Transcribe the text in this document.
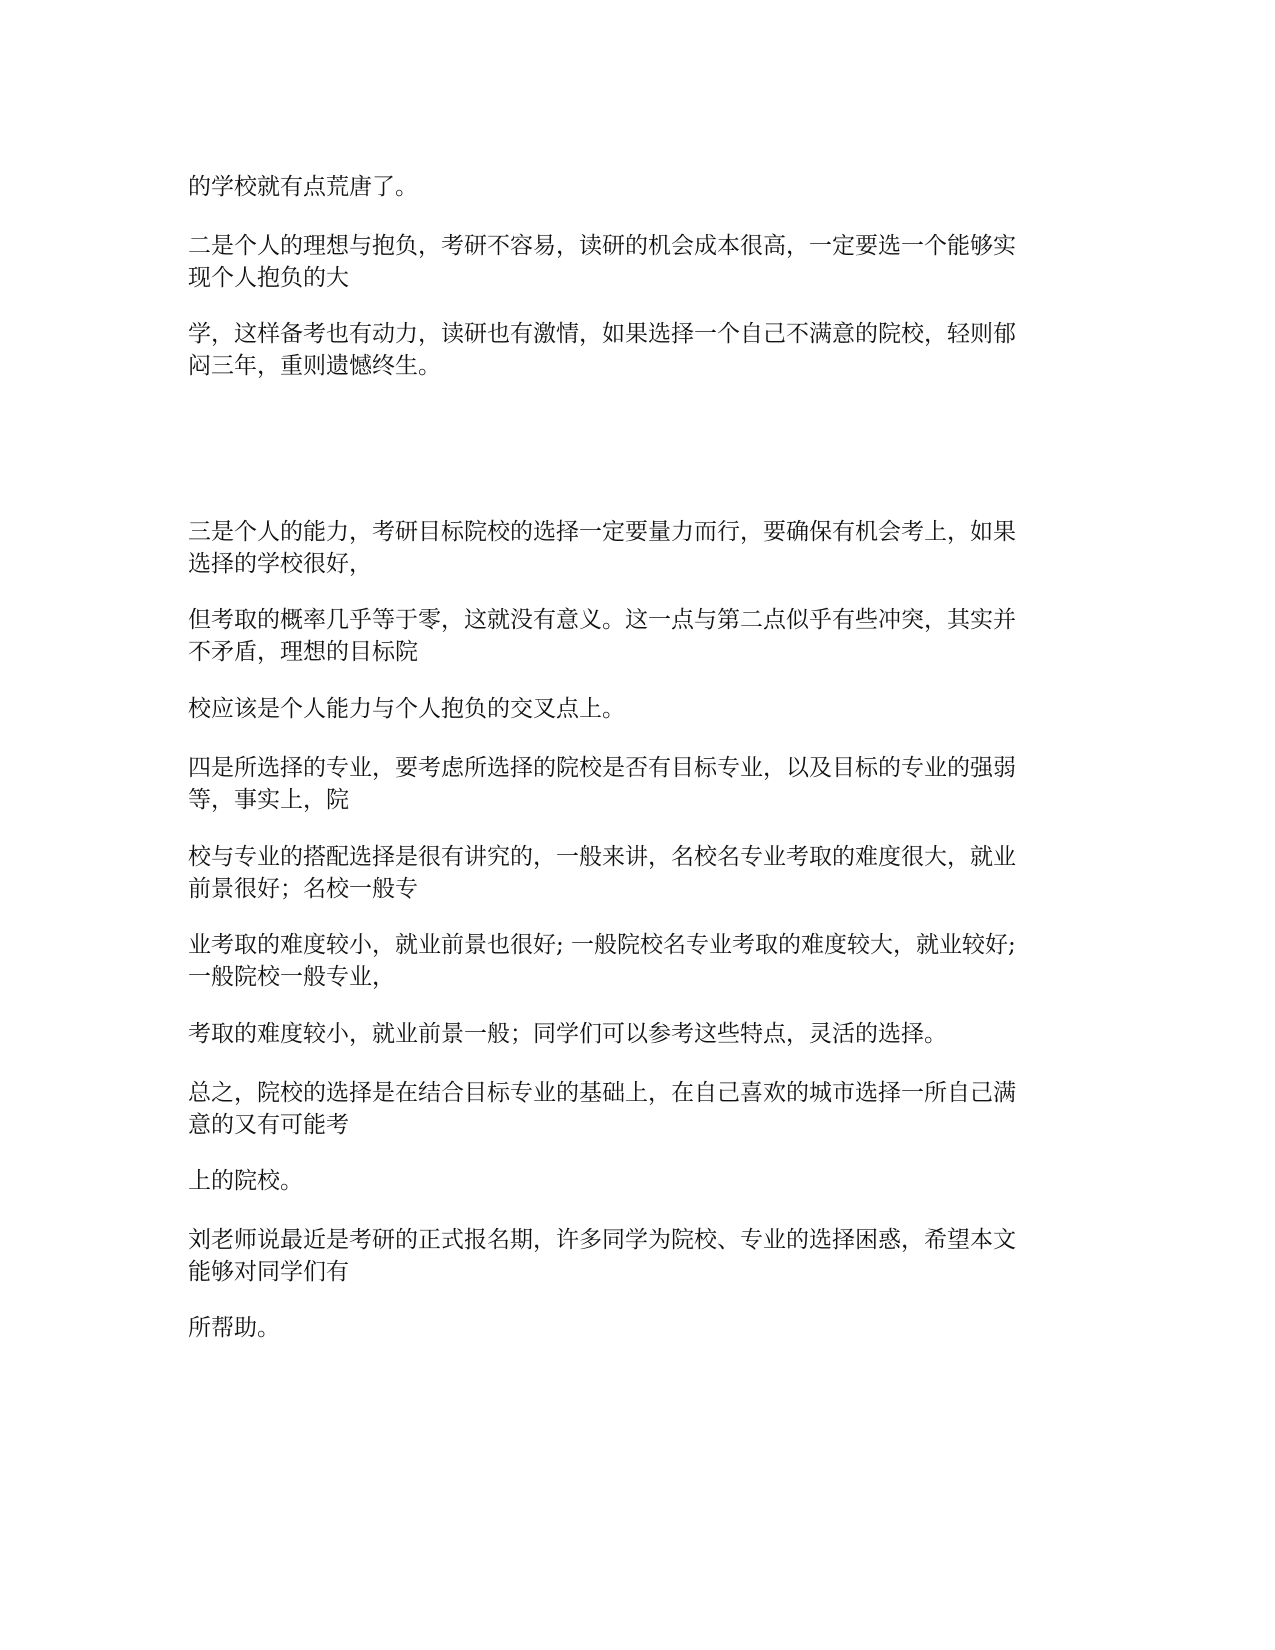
的学校就有点荒唐了。

二是个人的理想与抱负，考研不容易，读研的机会成本很高，一定要选一个能够实
现个人抱负的大

学，这样备考也有动力，读研也有激情，如果选择一个自己不满意的院校，轻则郁
闷三年，重则遗憾终生。

三是个人的能力，考研目标院校的选择一定要量力而行，要确保有机会考上，如果
选择的学校很好，

但考取的概率几乎等于零，这就没有意义。这一点与第二点似乎有些冲突，其实并
不矛盾，理想的目标院

校应该是个人能力与个人抱负的交叉点上。

四是所选择的专业，要考虑所选择的院校是否有目标专业，以及目标的专业的强弱
等，事实上，院

校与专业的搭配选择是很有讲究的，一般来讲，名校名专业考取的难度很大，就业
前景很好；名校一般专

业考取的难度较小，就业前景也很好; 一般院校名专业考取的难度较大，就业较好;
一般院校一般专业，

考取的难度较小，就业前景一般；同学们可以参考这些特点，灵活的选择。

总之，院校的选择是在结合目标专业的基础上，在自己喜欢的城市选择一所自己满
意的又有可能考

上的院校。

刘老师说最近是考研的正式报名期，许多同学为院校、专业的选择困惑，希望本文
能够对同学们有

所帮助。
